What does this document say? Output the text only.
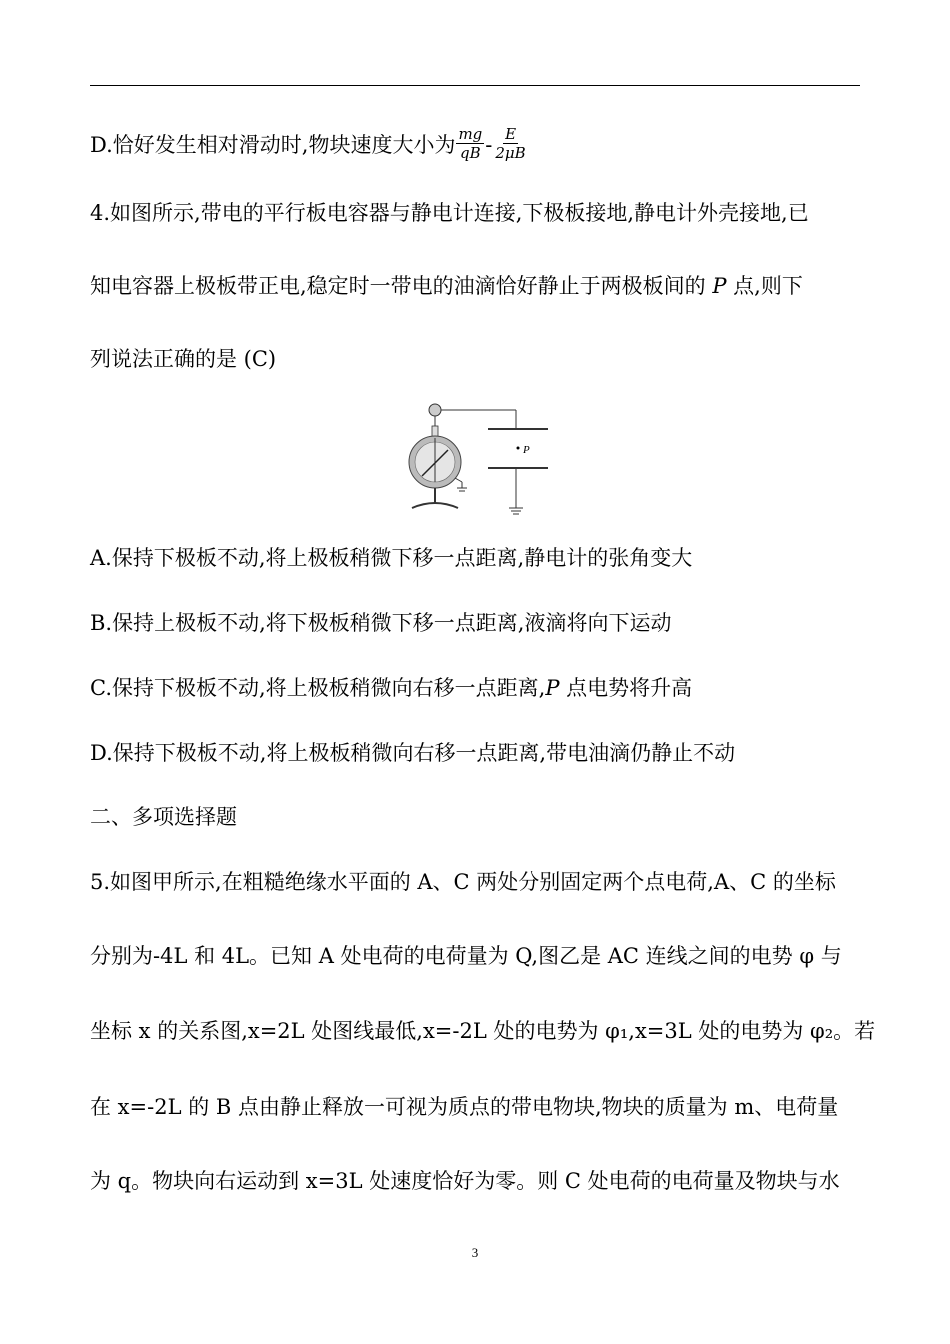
D.恰好发生相对滑动时,物块速度大小为 $\frac{mg}{qB} - \frac{E}{2\mu B}$
4.如图所示,带电的平行板电容器与静电计连接,下极板接地,静电计外壳接地,已
知电容器上极板带正电,稳定时一带电的油滴恰好静止于两极板间的 P 点,则下
列说法正确的是 (C)
P
A.保持下极板不动,将上极板稍微下移一点距离,静电计的张角变大
B.保持上极板不动,将下极板稍微下移一点距离,液滴将向下运动
C.保持下极板不动,将上极板稍微向右移一点距离,P 点电势将升高
D.保持下极板不动,将上极板稍微向右移一点距离,带电油滴仍静止不动
二、多项选择题
5.如图甲所示,在粗糙绝缘水平面的 A、C 两处分别固定两个点电荷,A、C 的坐标
分别为-4L 和 4L。已知 A 处电荷的电荷量为 Q,图乙是 AC 连线之间的电势 φ 与
坐标 x 的关系图,x=2L 处图线最低,x=-2L 处的电势为 φ₁,x=3L 处的电势为 φ₂。若
在 x=-2L 的 B 点由静止释放一可视为质点的带电物块,物块的质量为 m、电荷量
为 q。物块向右运动到 x=3L 处速度恰好为零。则 C 处电荷的电荷量及物块与水
3
